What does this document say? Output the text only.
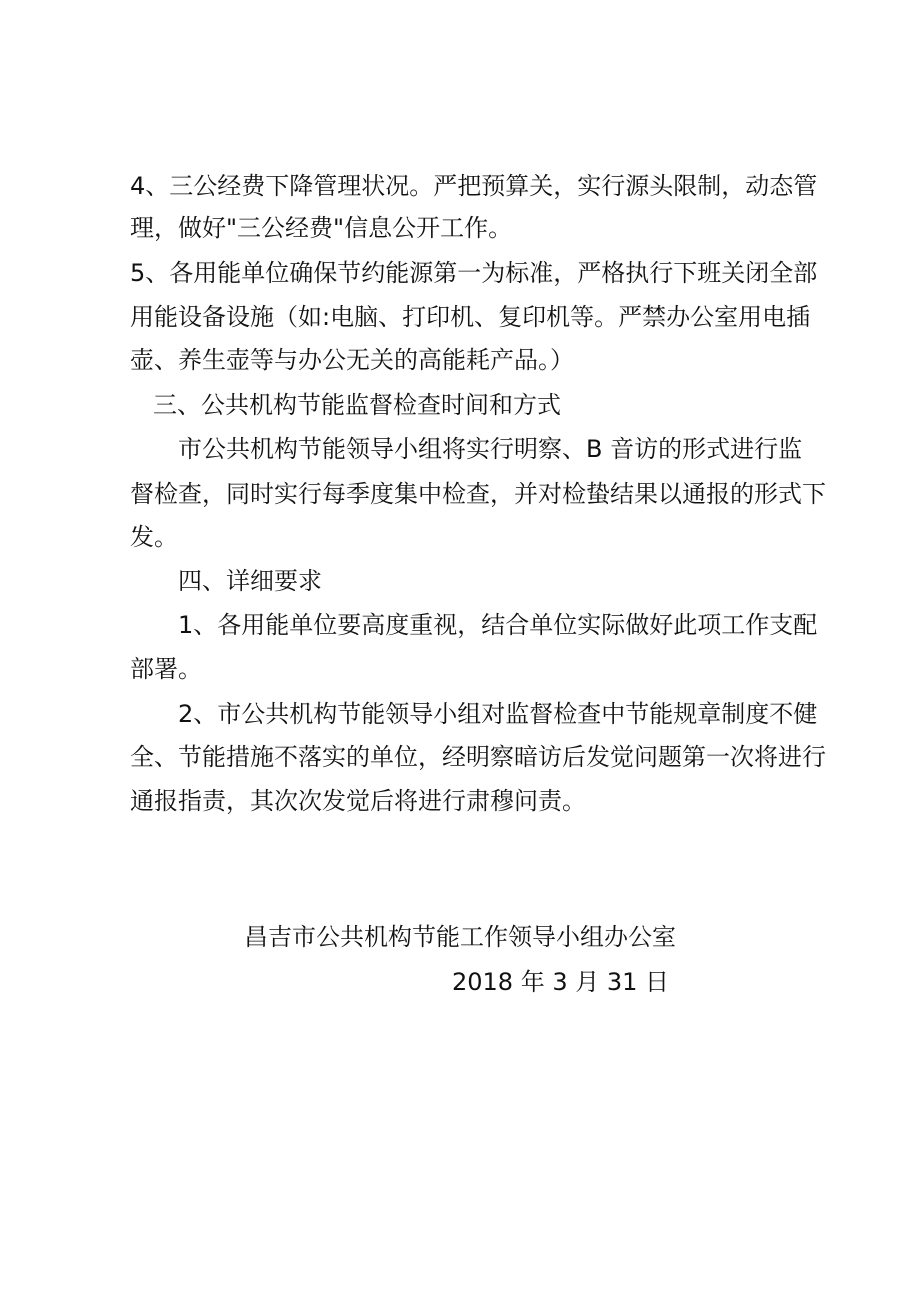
4、三公经费下降管理状况。严把预算关，实行源头限制，动态管

理，做好"三公经费"信息公开工作。

5、各用能单位确保节约能源第一为标准，严格执行下班关闭全部

用能设备设施（如:电脑、打印机、复印机等。严禁办公室用电插

壶、养生壶等与办公无关的高能耗产品。）

三、公共机构节能监督检查时间和方式

市公共机构节能领导小组将实行明察、B 音访的形式进行监

督检查，同时实行每季度集中检查，并对检蛰结果以通报的形式下

发。

四、详细要求

1、各用能单位要高度重视，结合单位实际做好此项工作支配

部署。

2、市公共机构节能领导小组对监督检查中节能规章制度不健

全、节能措施不落实的单位，经明察暗访后发觉问题第一次将进行

通报指责，其次次发觉后将进行肃穆问责。

昌吉市公共机构节能工作领导小组办公室

2018 年 3 月 31 日
